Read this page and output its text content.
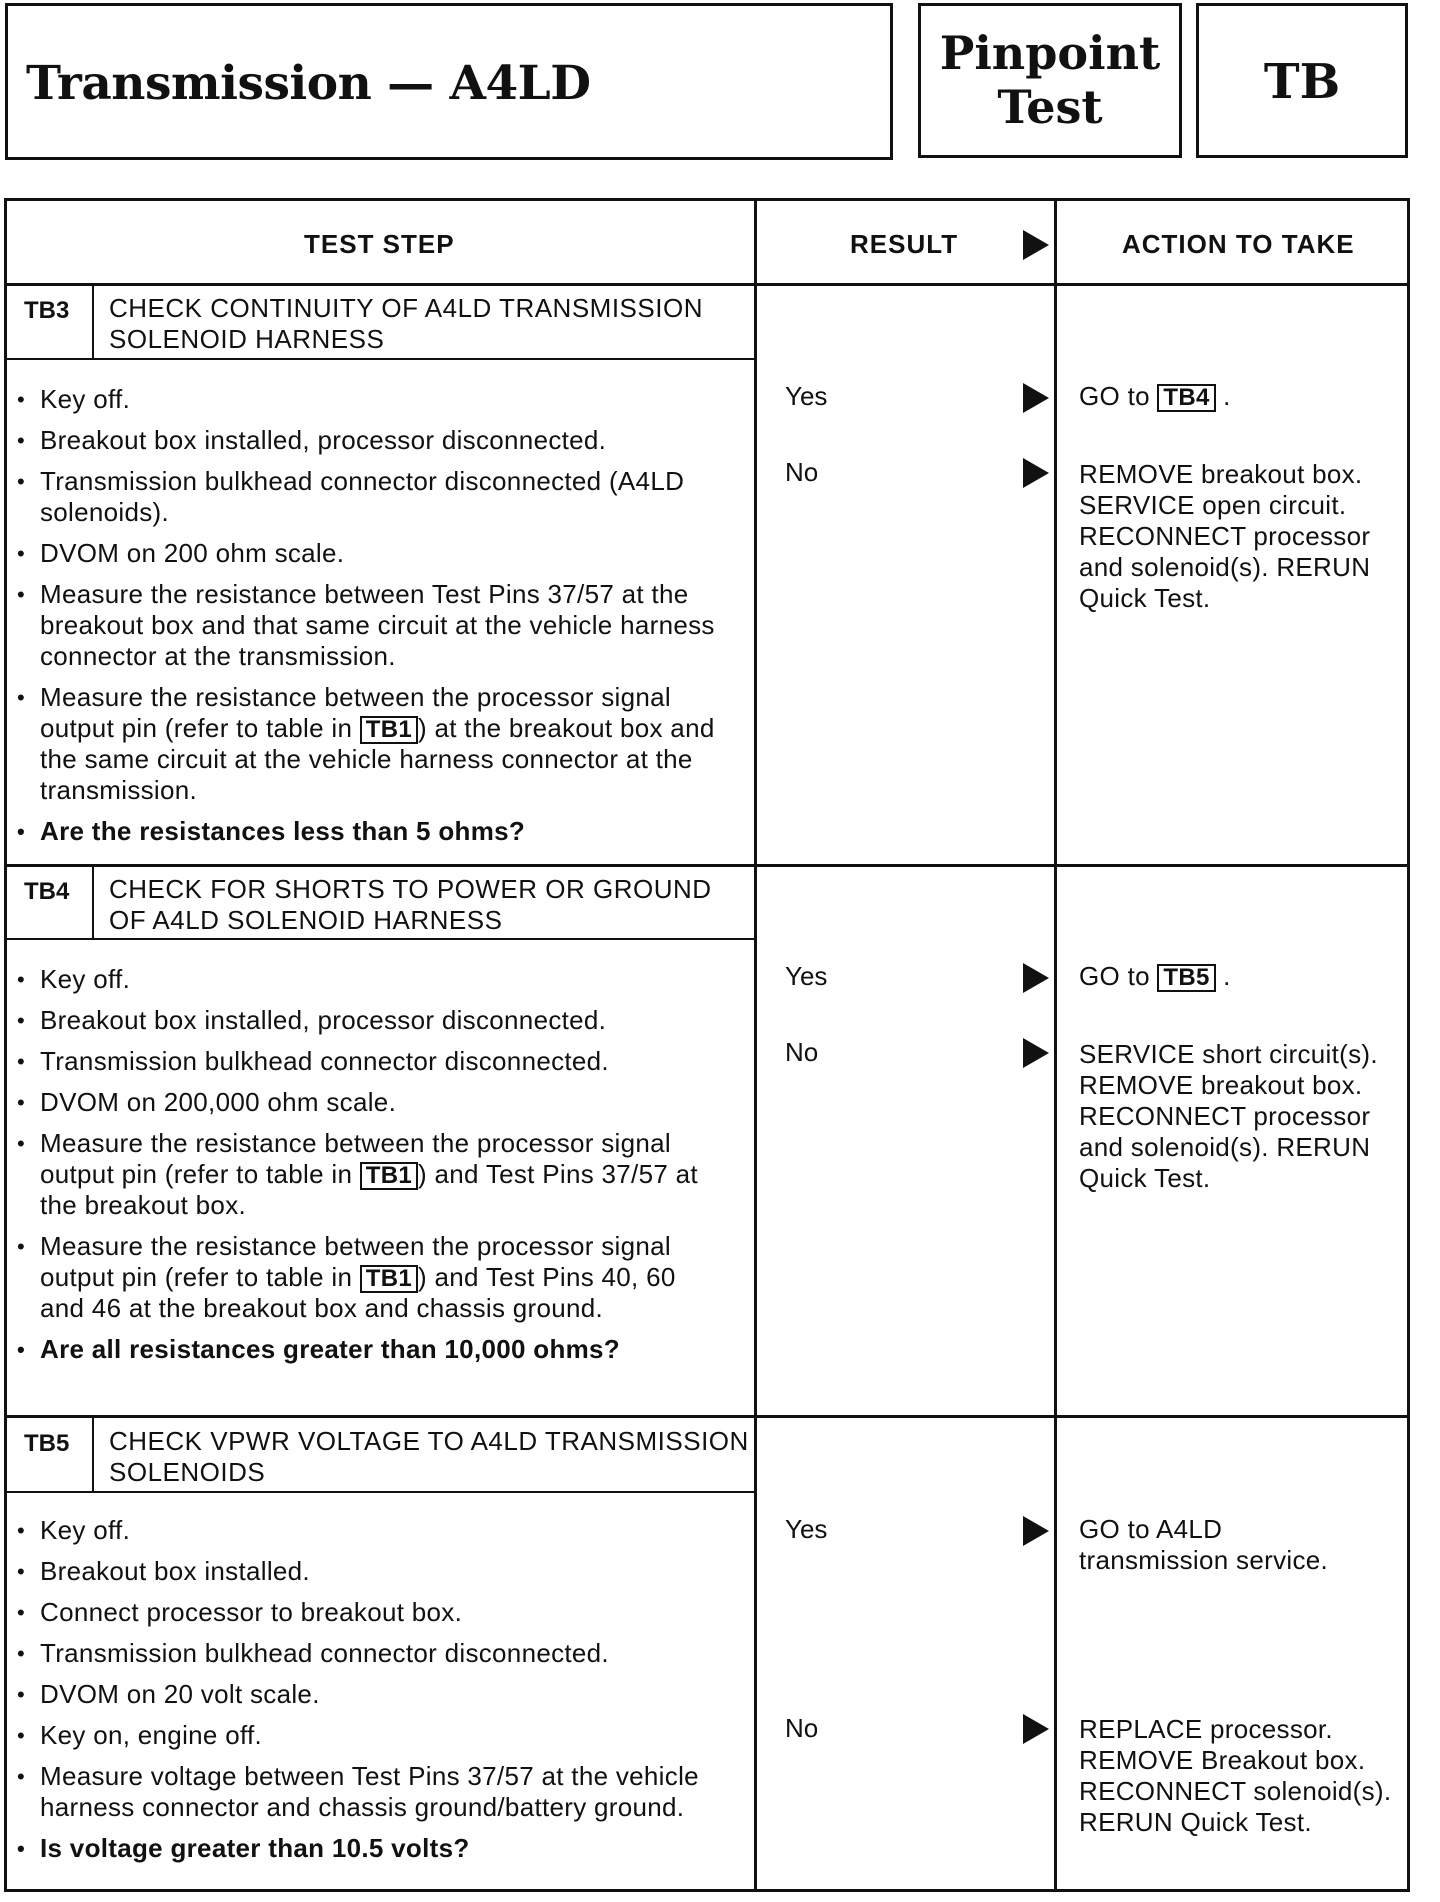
Transmission — A4LD
Pinpoint
Test	TB
TEST STEP	RESULT	ACTION TO TAKE
TB3 CHECK CONTINUITY OF A4LD TRANSMISSION SOLENOID HARNESS
• Key off.
• Breakout box installed, processor disconnected.
• Transmission bulkhead connector disconnected (A4LD solenoids).
• DVOM on 200 ohm scale.
• Measure the resistance between Test Pins 37/57 at the breakout box and that same circuit at the vehicle harness connector at the transmission.
• Measure the resistance between the processor signal output pin (refer to table in TB1 ) at the breakout box and the same circuit at the vehicle harness connector at the transmission.
• Are the resistances less than 5 ohms?
Yes	GO to TB4 .
No	REMOVE breakout box. SERVICE open circuit. RECONNECT processor and solenoid(s). RERUN Quick Test.
TB4 CHECK FOR SHORTS TO POWER OR GROUND OF A4LD SOLENOID HARNESS
• Key off.
• Breakout box installed, processor disconnected.
• Transmission bulkhead connector disconnected.
• DVOM on 200,000 ohm scale.
• Measure the resistance between the processor signal output pin (refer to table in TB1 ) and Test Pins 37/57 at the breakout box.
• Measure the resistance between the processor signal output pin (refer to table in TB1 ) and Test Pins 40, 60 and 46 at the breakout box and chassis ground.
• Are all resistances greater than 10,000 ohms?
Yes	GO to TB5 .
No	SERVICE short circuit(s). REMOVE breakout box. RECONNECT processor and solenoid(s). RERUN Quick Test.
TB5 CHECK VPWR VOLTAGE TO A4LD TRANSMISSION SOLENOIDS
• Key off.
• Breakout box installed.
• Connect processor to breakout box.
• Transmission bulkhead connector disconnected.
• DVOM on 20 volt scale.
• Key on, engine off.
• Measure voltage between Test Pins 37/57 at the vehicle harness connector and chassis ground/battery ground.
• Is voltage greater than 10.5 volts?
Yes	GO to A4LD transmission service.
No	REPLACE processor. REMOVE Breakout box. RECONNECT solenoid(s). RERUN Quick Test.
